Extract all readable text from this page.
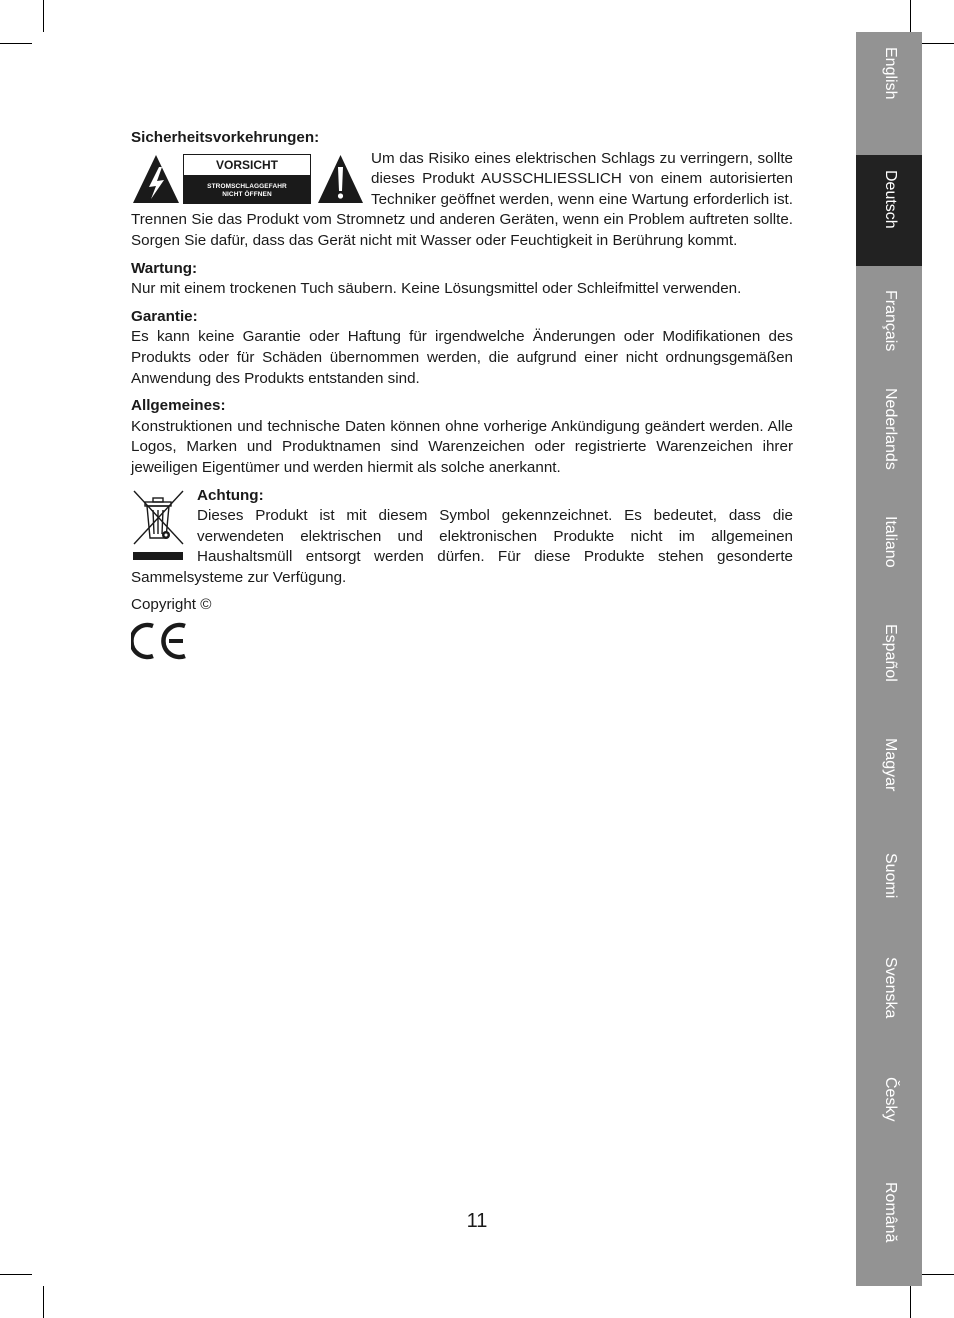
Sicherheitsvorkehrungen:

VORSICHT

STROMSCHLAGGEFAHR
NICHT ÖFFNEN

Um das Risiko eines elektrischen Schlags zu verringern, sollte dieses Produkt AUSSCHLIESSLICH von einem autorisierten Techniker geöffnet werden, wenn eine Wartung erforderlich ist. Trennen Sie das Produkt vom Stromnetz und anderen Geräten, wenn ein Problem auftreten sollte. Sorgen Sie dafür, dass das Gerät nicht mit Wasser oder Feuchtigkeit in Berührung kommt.

Wartung:

Nur mit einem trockenen Tuch säubern. Keine Lösungsmittel oder Schleifmittel verwenden.

Garantie:

Es kann keine Garantie oder Haftung für irgendwelche Änderungen oder Modifikationen des Produkts oder für Schäden übernommen werden, die aufgrund einer nicht ordnungsgemäßen Anwendung des Produkts entstanden sind.

Allgemeines:

Konstruktionen und technische Daten können ohne vorherige Ankündigung geändert werden. Alle Logos, Marken und Produktnamen sind Warenzeichen oder registrierte Warenzeichen ihrer jeweiligen Eigentümer und werden hiermit als solche anerkannt.

Achtung:

Dieses Produkt ist mit diesem Symbol gekennzeichnet. Es bedeutet, dass die verwendeten elektrischen und elektronischen Produkte nicht im allgemeinen Haushaltsmüll entsorgt werden dürfen. Für diese Produkte stehen gesonderte Sammelsysteme zur Verfügung.

Copyright ©

11
English
Deutsch
Français
Nederlands
Italiano
Español
Magyar
Suomi
Svenska
Česky
Română
